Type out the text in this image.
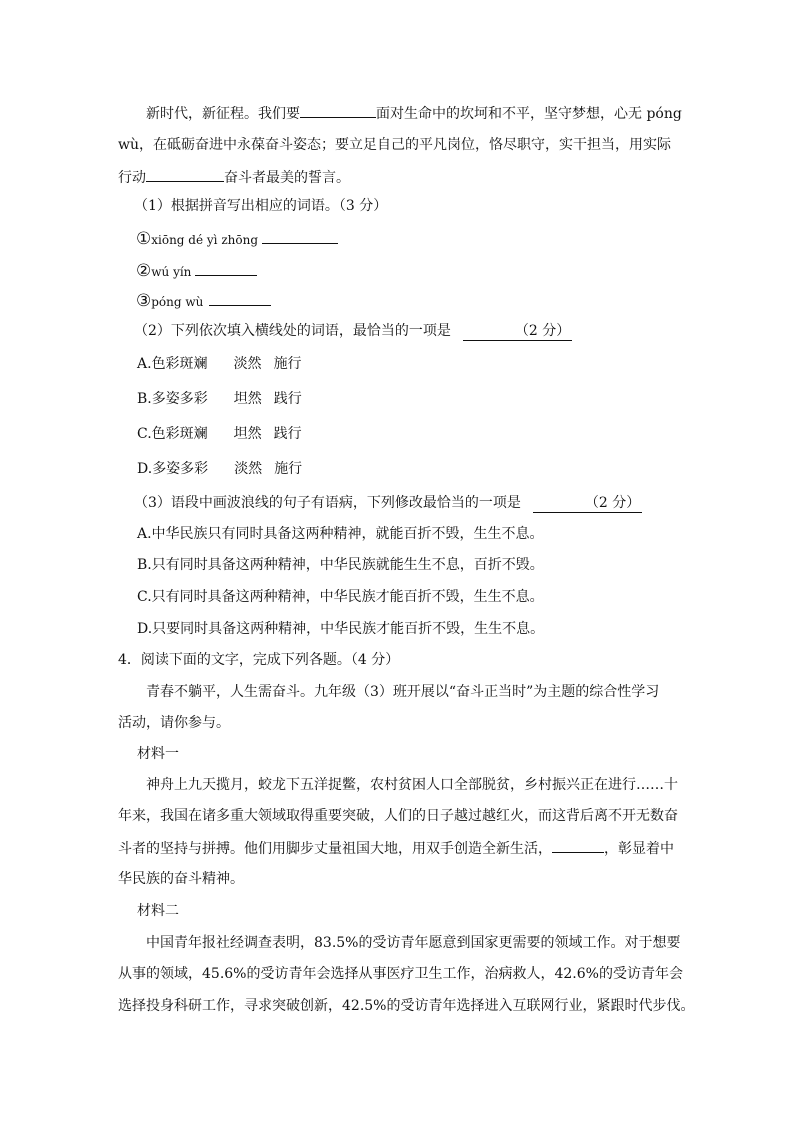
新时代，新征程。我们要	面对生命中的坎坷和不平，坚守梦想，心无 póng
wù，在砥砺奋进中永葆奋斗姿态；要立足自己的平凡岗位，恪尽职守，实干担当，用实际
行动	奋斗者最美的誓言。
（1）根据拼音写出相应的词语。（3 分）
①xiōng dé yì zhōng
②wú yín
③póng wù
（2）下列依次填入横线处的词语，最恰当的一项是	（2 分）
A.色彩斑斓 淡然 施行
B.多姿多彩 坦然 践行
C.色彩斑斓 坦然 践行
D.多姿多彩 淡然 施行
（3）语段中画波浪线的句子有语病，下列修改最恰当的一项是	（2 分）
A.中华民族只有同时具备这两种精神，就能百折不毁，生生不息。
B.只有同时具备这两种精神，中华民族就能生生不息，百折不毁。
C.只有同时具备这两种精神，中华民族才能百折不毁，生生不息。
D.只要同时具备这两种精神，中华民族才能百折不毁，生生不息。
4．阅读下面的文字，完成下列各题。（4 分）
青春不躺平，人生需奋斗。九年级（3）班开展以“奋斗正当时”为主题的综合性学习
活动，请你参与。
材料一
神舟上九天揽月，蛟龙下五洋捉鳖，农村贫困人口全部脱贫，乡村振兴正在进行……十
年来，我国在诸多重大领域取得重要突破，人们的日子越过越红火，而这背后离不开无数奋
斗者的坚持与拼搏。他们用脚步丈量祖国大地，用双手创造全新生活，	，彰显着中
华民族的奋斗精神。
材料二
中国青年报社经调查表明，83.5%的受访青年愿意到国家更需要的领域工作。对于想要
从事的领域，45.6%的受访青年会选择从事医疗卫生工作，治病救人，42.6%的受访青年会
选择投身科研工作，寻求突破创新，42.5%的受访青年选择进入互联网行业，紧跟时代步伐。
